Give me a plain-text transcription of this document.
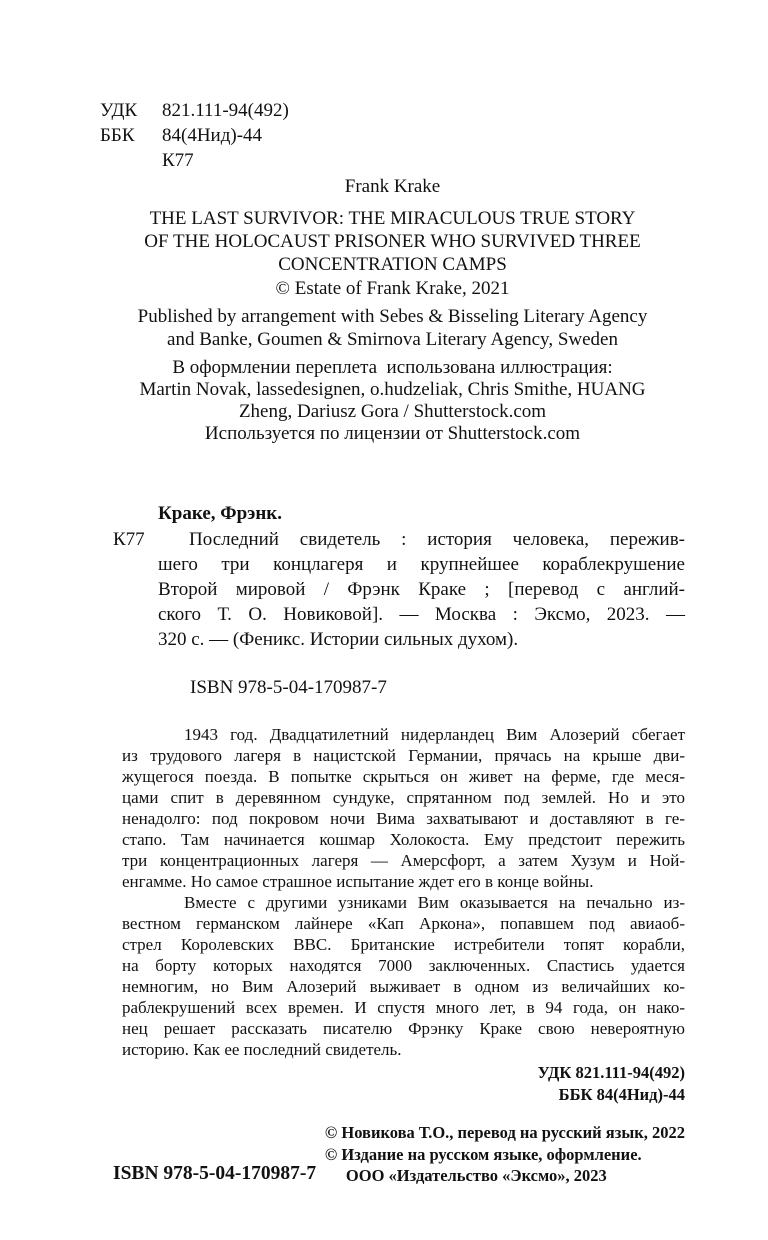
УДК	821.111-94(492)
ББК	84(4Нид)-44
К77
Frank Krake
THE LAST SURVIVOR: THE MIRACULOUS TRUE STORY
OF THE HOLOCAUST PRISONER WHO SURVIVED THREE
CONCENTRATION CAMPS
© Estate of Frank Krake, 2021
Published by arrangement with Sebes & Bisseling Literary Agency
and Banke, Goumen & Smirnova Literary Agency, Sweden
В оформлении переплета  использована иллюстрация:
Martin Novak, lassedesignen, o.hudzeliak, Chris Smithe, HUANG
Zheng, Dariusz Gora / Shutterstock.com
Используется по лицензии от Shutterstock.com
К77
Краке, Фрэнк.
Последний свидетель : история человека, пережив-
шего три концлагеря и крупнейшее кораблекрушение
Второй мировой / Фрэнк Краке ; [перевод с англий-
ского Т. О. Новиковой]. — Москва : Эксмо, 2023. —
320 с. — (Феникс. Истории сильных духом).
ISBN 978-5-04-170987-7
1943 год. Двадцатилетний нидерландец Вим Алозерий сбегает
из трудового лагеря в нацистской Германии, прячась на крыше дви-
жущегося поезда. В попытке скрыться он живет на ферме, где меся-
цами спит в деревянном сундуке, спрятанном под землей. Но и это
ненадолго: под покровом ночи Вима захватывают и доставляют в ге-
стапо. Там начинается кошмар Холокоста. Ему предстоит пережить
три концентрационных лагеря — Амерсфорт, а затем Хузум и Ной-
енгамме. Но самое страшное испытание ждет его в конце войны.
Вместе с другими узниками Вим оказывается на печально из-
вестном германском лайнере «Кап Аркона», попавшем под авиаоб-
стрел Королевских ВВС. Британские истребители топят корабли,
на борту которых находятся 7000 заключенных. Спастись удается
немногим, но Вим Алозерий выживает в одном из величайших ко-
раблекрушений всех времен. И спустя много лет, в 94 года, он нако-
нец решает рассказать писателю Фрэнку Краке свою невероятную
историю. Как ее последний свидетель.
УДК 821.111-94(492)
ББК 84(4Нид)-44
ISBN 978-5-04-170987-7
© Новикова Т.О., перевод на русский язык, 2022
© Издание на русском языке, оформление.
ООО «Издательство «Эксмо», 2023
